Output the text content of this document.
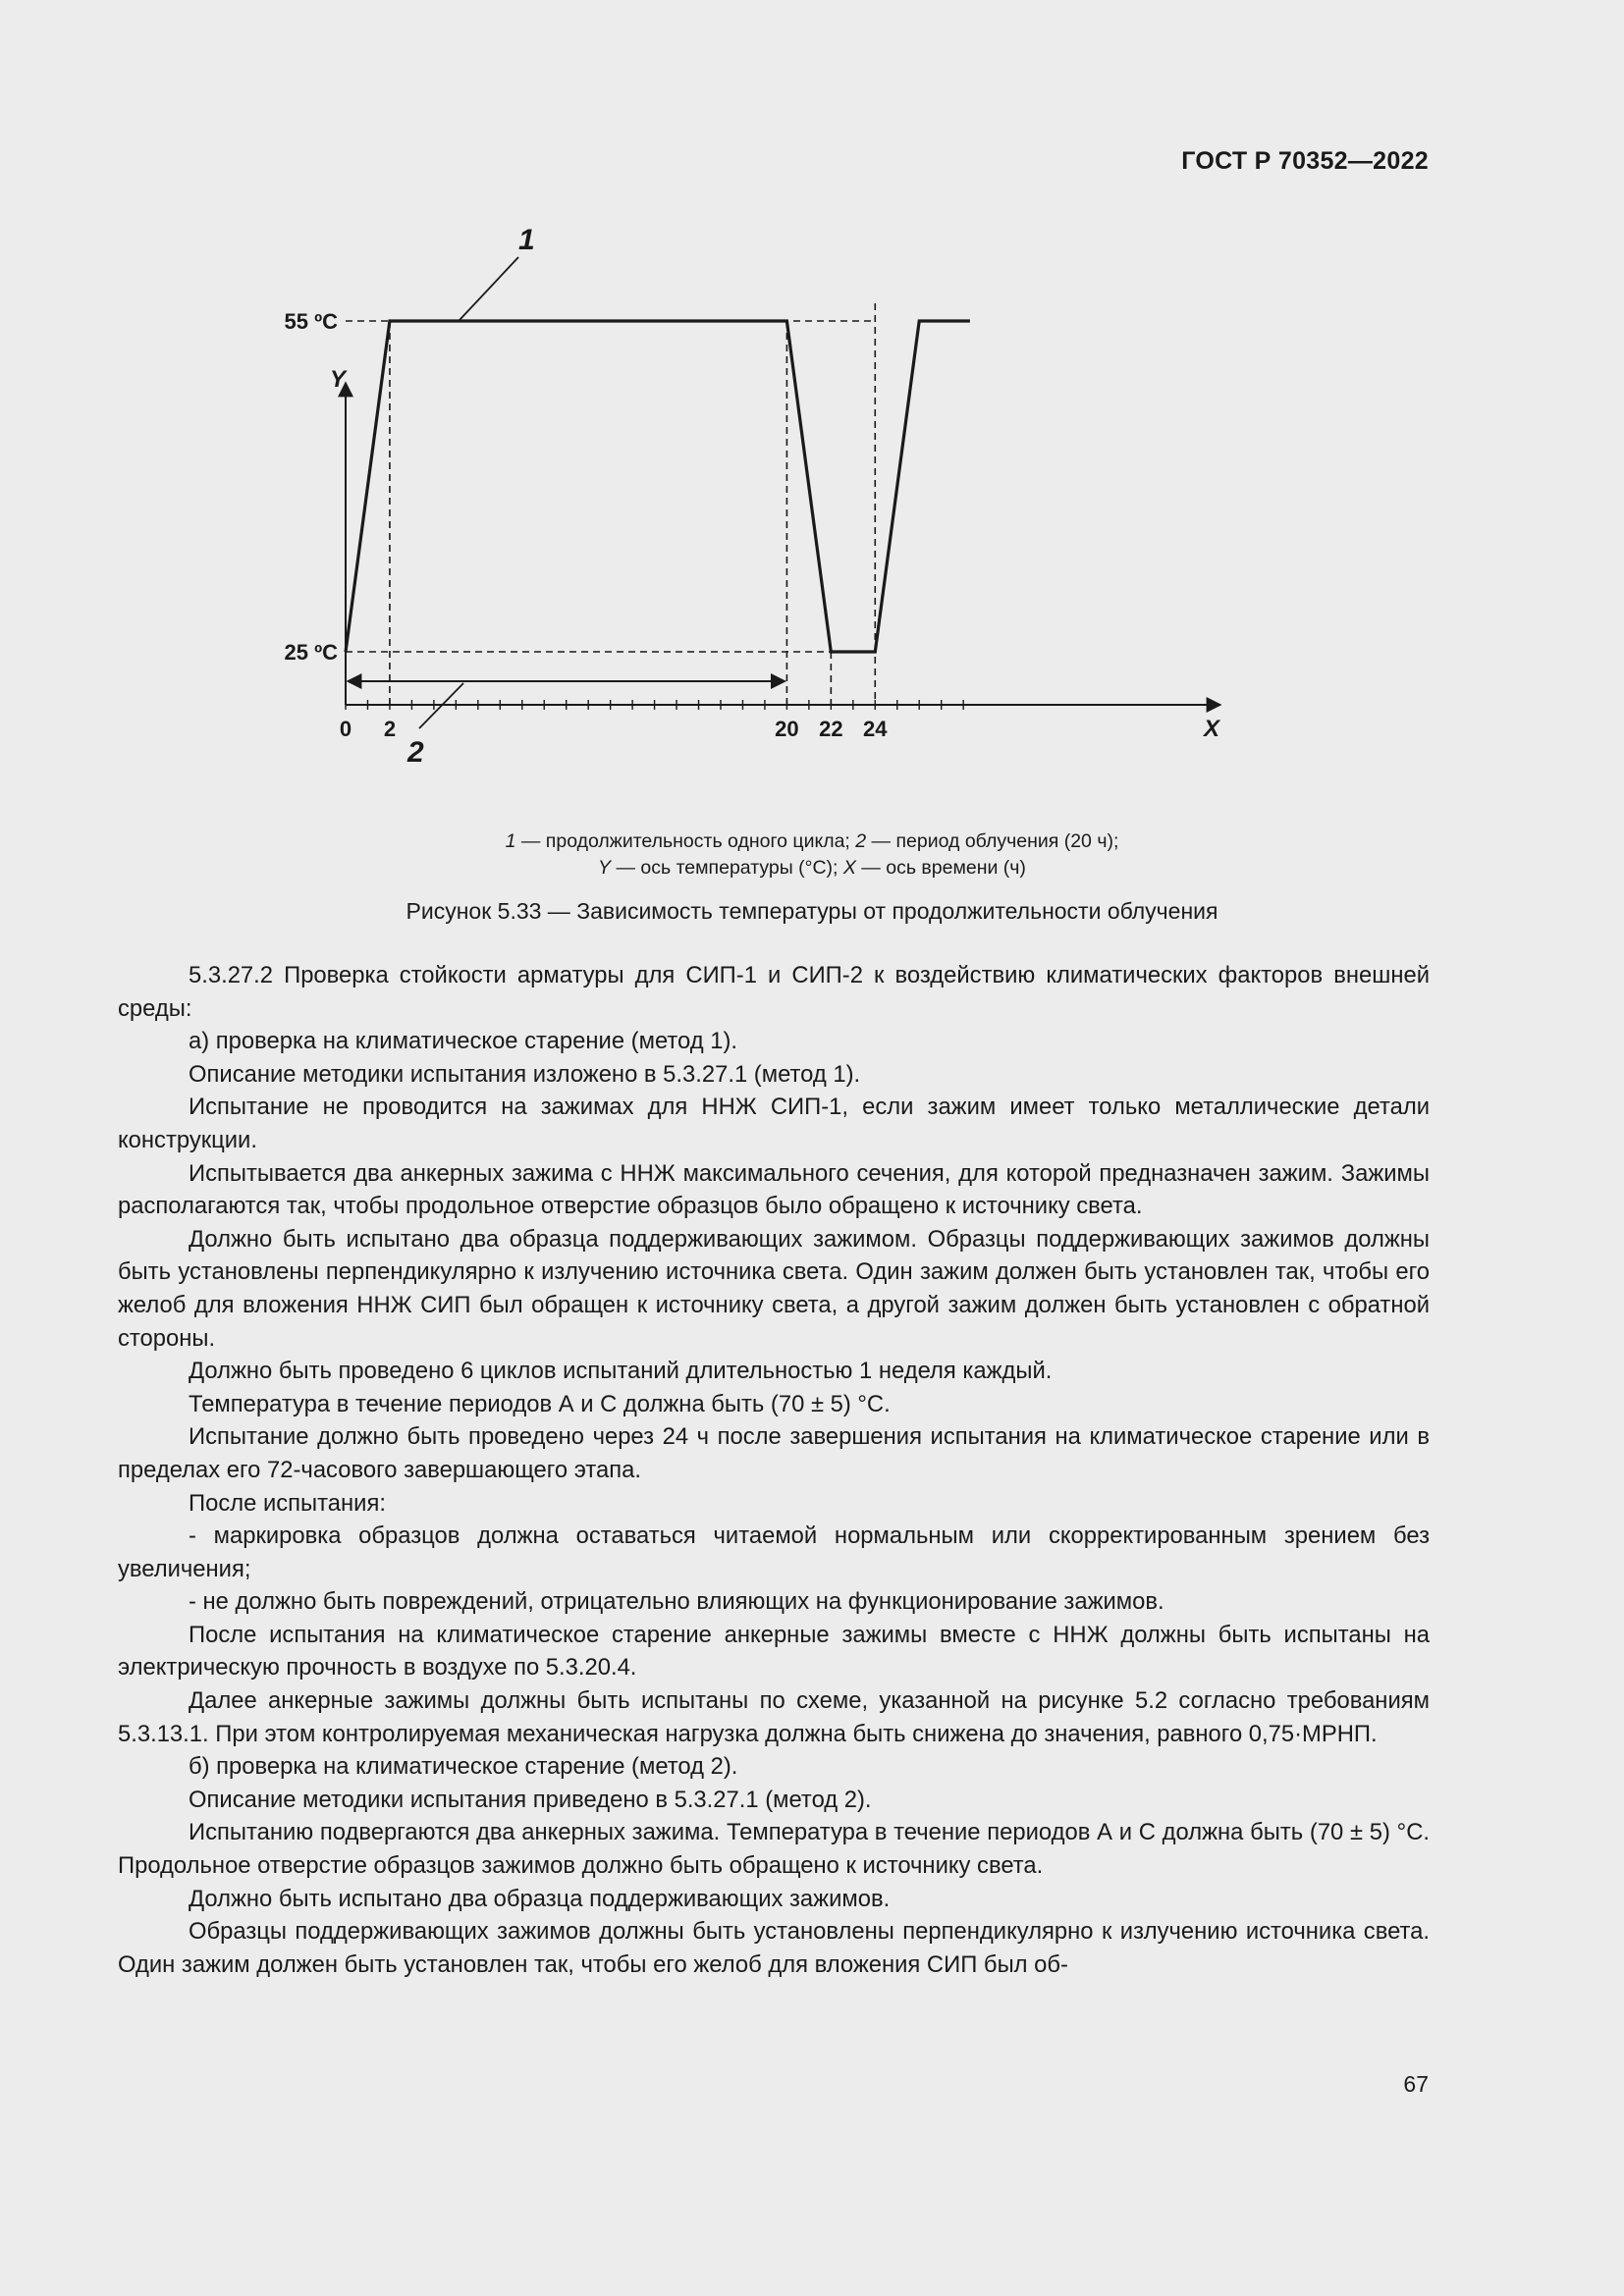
ГОСТ Р 70352—2022
1
2
Y
X
55 ºС
25 ºС
0 2	20 22 24
1 — продолжительность одного цикла; 2 — период облучения (20 ч);
Y — ось температуры (°С); X — ось времени (ч)
Рисунок 5.33 — Зависимость температуры от продолжительности облучения

5.3.27.2 Проверка стойкости арматуры для СИП-1 и СИП-2 к воздействию климатических факторов внешней среды:

а) проверка на климатическое старение (метод 1).

Описание методики испытания изложено в 5.3.27.1 (метод 1).

Испытание не проводится на зажимах для ННЖ СИП-1, если зажим имеет только металлические детали конструкции.

Испытывается два анкерных зажима с ННЖ максимального сечения, для которой предназначен зажим. Зажимы располагаются так, чтобы продольное отверстие образцов было обращено к источнику света.

Должно быть испытано два образца поддерживающих зажимом. Образцы поддерживающих зажимов должны быть установлены перпендикулярно к излучению источника света. Один зажим должен быть установлен так, чтобы его желоб для вложения ННЖ СИП был обращен к источнику света, а другой зажим должен быть установлен с обратной стороны.

Должно быть проведено 6 циклов испытаний длительностью 1 неделя каждый.

Температура в течение периодов А и С должна быть (70 ± 5) °С.

Испытание должно быть проведено через 24 ч после завершения испытания на климатическое старение или в пределах его 72-часового завершающего этапа.

После испытания:

- маркировка образцов должна оставаться читаемой нормальным или скорректированным зрением без увеличения;

- не должно быть повреждений, отрицательно влияющих на функционирование зажимов.

После испытания на климатическое старение анкерные зажимы вместе с ННЖ должны быть испытаны на электрическую прочность в воздухе по 5.3.20.4.

Далее анкерные зажимы должны быть испытаны по схеме, указанной на рисунке 5.2 согласно требованиям 5.3.13.1. При этом контролируемая механическая нагрузка должна быть снижена до значения, равного 0,75·МРНП.

б) проверка на климатическое старение (метод 2).

Описание методики испытания приведено в 5.3.27.1 (метод 2).

Испытанию подвергаются два анкерных зажима. Температура в течение периодов А и С должна быть (70 ± 5) °С. Продольное отверстие образцов зажимов должно быть обращено к источнику света.

Должно быть испытано два образца поддерживающих зажимов.

Образцы поддерживающих зажимов должны быть установлены перпендикулярно к излучению источника света. Один зажим должен быть установлен так, чтобы его желоб для вложения СИП был об-

67
